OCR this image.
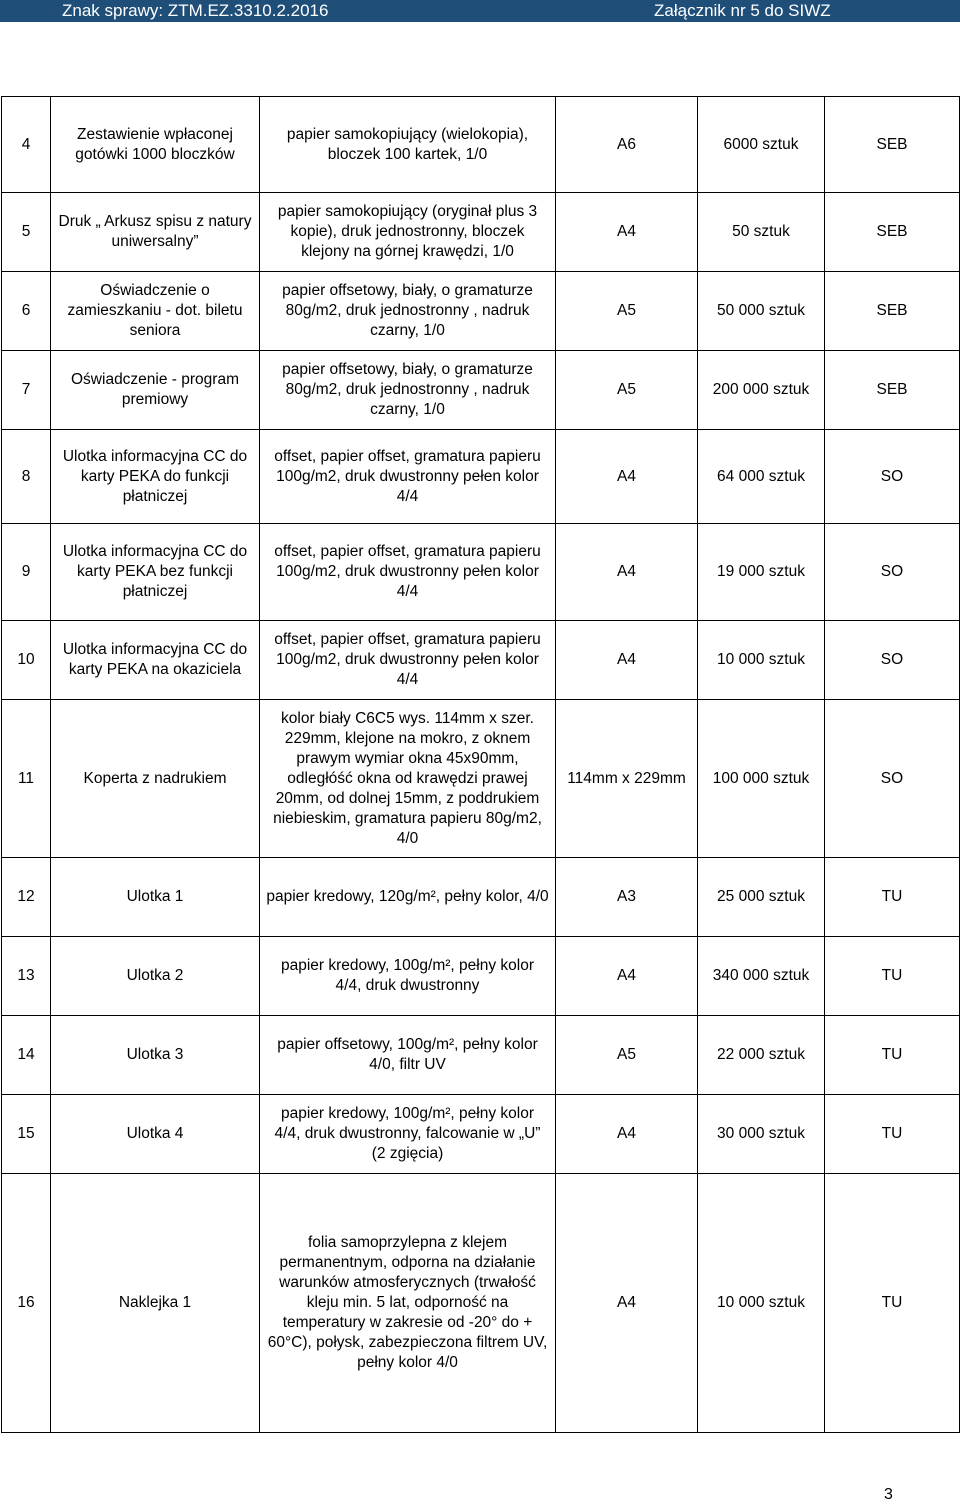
Znak sprawy: ZTM.EZ.3310.2.2016	Załącznik nr 5 do SIWZ
4	Zestawienie wpłaconej gotówki 1000 bloczków	papier samokopiujący (wielokopia), bloczek 100 kartek, 1/0	A6	6000 sztuk	SEB
5	Druk „ Arkusz spisu z natury uniwersalny”	papier samokopiujący (oryginał plus 3 kopie), druk jednostronny, bloczek klejony na górnej krawędzi, 1/0	A4	50 sztuk	SEB
6	Oświadczenie o zamieszkaniu - dot. biletu seniora	papier offsetowy, biały, o gramaturze 80g/m2, druk jednostronny , nadruk czarny, 1/0	A5	50 000 sztuk	SEB
7	Oświadczenie - program premiowy	papier offsetowy, biały, o gramaturze 80g/m2, druk jednostronny , nadruk czarny, 1/0	A5	200 000 sztuk	SEB
8	Ulotka informacyjna CC do karty PEKA do funkcji płatniczej	offset, papier offset, gramatura papieru 100g/m2, druk dwustronny pełen kolor 4/4	A4	64 000 sztuk	SO
9	Ulotka informacyjna CC do karty PEKA bez funkcji płatniczej	offset, papier offset, gramatura papieru 100g/m2, druk dwustronny pełen kolor 4/4	A4	19 000 sztuk	SO
10	Ulotka informacyjna CC do karty PEKA na okaziciela	offset, papier offset, gramatura papieru 100g/m2, druk dwustronny pełen kolor 4/4	A4	10 000 sztuk	SO
11	Koperta z nadrukiem	kolor biały C6C5 wys. 114mm x szer. 229mm, klejone na mokro, z oknem prawym wymiar okna 45x90mm, odległóść okna od krawędzi prawej 20mm, od dolnej 15mm, z poddrukiem niebieskim, gramatura papieru 80g/m2, 4/0	114mm x 229mm	100 000 sztuk	SO
12	Ulotka 1	papier kredowy, 120g/m², pełny kolor, 4/0	A3	25 000 sztuk	TU
13	Ulotka 2	papier kredowy, 100g/m², pełny kolor 4/4, druk dwustronny	A4	340 000 sztuk	TU
14	Ulotka 3	papier offsetowy, 100g/m², pełny kolor 4/0, filtr UV	A5	22 000 sztuk	TU
15	Ulotka 4	papier kredowy, 100g/m², pełny kolor 4/4, druk dwustronny, falcowanie w „U” (2 zgięcia)	A4	30 000 sztuk	TU
16	Naklejka 1	folia samoprzylepna z klejem permanentnym, odporna na działanie warunków atmosferycznych (trwałość kleju min. 5 lat, odporność na temperatury w zakresie od -20° do + 60°C), połysk, zabezpieczona filtrem UV, pełny kolor 4/0	A4	10 000 sztuk	TU
3
